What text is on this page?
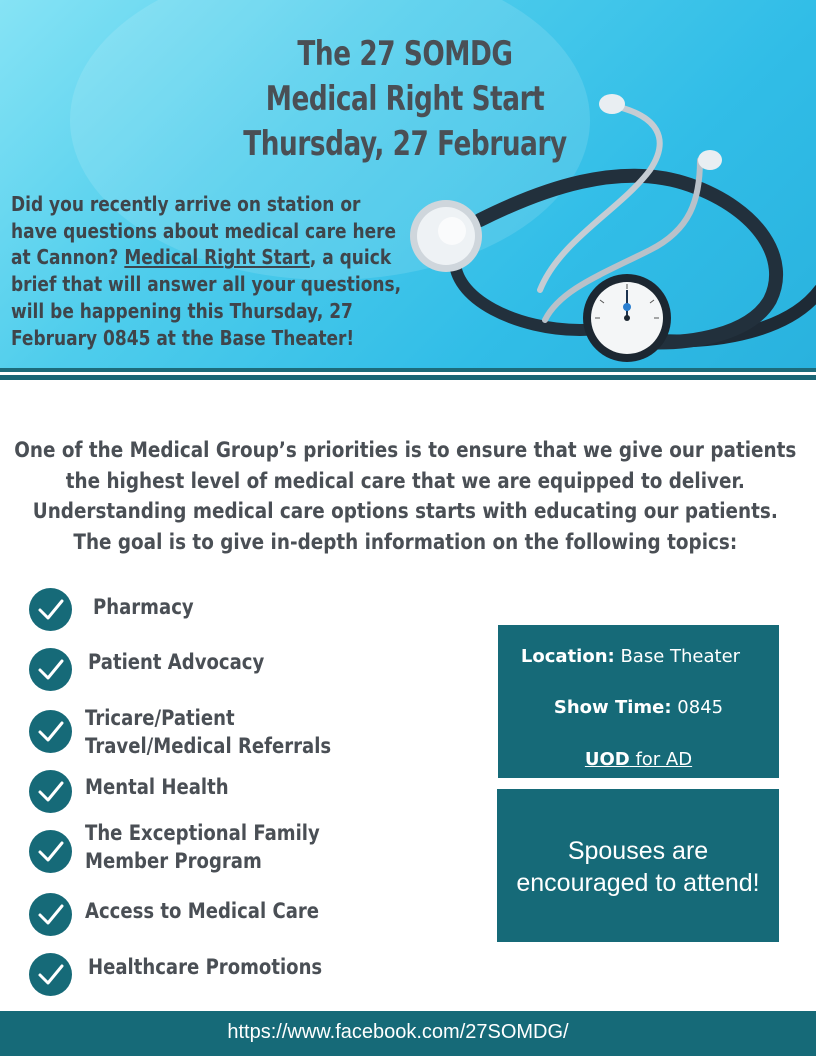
The 27 SOMDG
Medical Right Start
Thursday, 27 February

Did you recently arrive on station or have questions about medical care here at Cannon? Medical Right Start, a quick brief that will answer all your questions, will be happening this Thursday, 27 February 0845 at the Base Theater!

One of the Medical Group’s priorities is to ensure that we give our patients the highest level of medical care that we are equipped to deliver. Understanding medical care options starts with educating our patients. The goal is to give in-depth information on the following topics:

Pharmacy

Patient Advocacy

Tricare/Patient Travel/Medical Referrals

Mental Health

The Exceptional Family Member Program

Access to Medical Care

Healthcare Promotions

Location: Base Theater

Show Time: 0845

UOD for AD

Spouses are
encouraged to attend!

https://www.facebook.com/27SOMDG/
